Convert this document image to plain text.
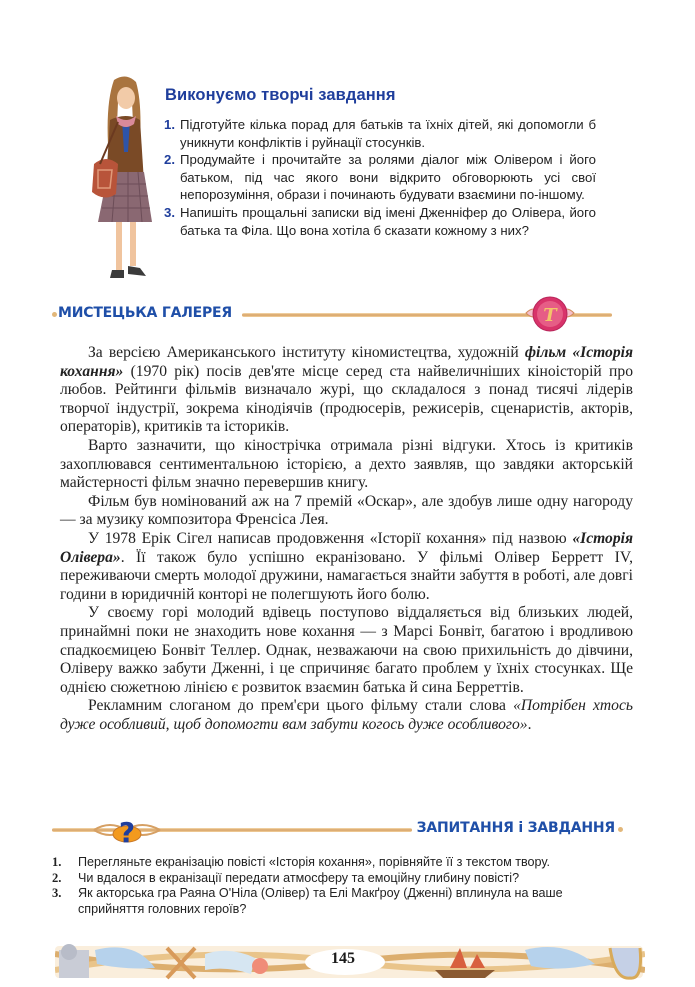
Виконуємо творчі завдання
1. Підготуйте кілька порад для батьків та їхніх дітей, які допомогли б уникнути конфліктів і руйнації стосунків.

2. Продумайте і прочитайте за ролями діалог між Олівером і його батьком, під час якого вони відкрито обговорюють усі свої непорозуміння, образи і починають будувати взаємини по-іншому.

3. Напишіть прощальні записки від імені Дженніфер до Олівера, його батька та Філа. Що вона хотіла б сказати кожному з них?

МИСТЕЦЬКА ГАЛЕРЕЯ	T

За версією Американського інституту кіномистецтва, художній фільм «Історія кохання» (1970 рік) посів дев'яте місце серед ста найвеличніших кіноісторій про любов. Рейтинги фільмів визначало журі, що складалося з понад тисячі лідерів творчої індустрії, зокрема кінодіячів (продюсерів, режисерів, сценаристів, акторів, операторів), критиків та істориків.

Варто зазначити, що кінострічка отримала різні відгуки. Хтось із критиків захоплювався сентиментальною історією, а дехто заявляв, що завдяки акторській майстерності фільм значно перевершив книгу.

Фільм був номінований аж на 7 премій «Оскар», але здобув лише одну нагороду — за музику композитора Френсіса Лея.

У 1978 Ерік Сігел написав продовження «Історії кохання» під назвою «Історія Олівера». Її також було успішно екранізовано. У фільмі Олівер Берретт IV, переживаючи смерть молодої дружини, намагається знайти забуття в роботі, але довгі години в юридичній конторі не полегшують його болю.

У своєму горі молодий вдівець поступово віддаляється від близьких людей, принаймні поки не знаходить нове кохання — з Марсі Бонвіт, багатою і вродливою спадкоємицею Бонвіт Теллер. Однак, незважаючи на свою прихильність до дівчини, Оліверу важко забути Дженні, і це спричиняє багато проблем у їхніх стосунках. Ще однією сюжетною лінією є розвиток взаємин батька й сина Берреттів.

Рекламним слоганом до прем'єри цього фільму стали слова «Потрібен хтось дуже особливий, щоб допомогти вам забути когось дуже особливого».

?	ЗАПИТАННЯ і ЗАВДАННЯ
1. Перегляньте екранізацію повісті «Історія кохання», порівняйте її з текстом твору.
2. Чи вдалося в екранізації передати атмосферу та емоційну глибину повісті?
3. Як акторська гра Раяна О'Ніла (Олівер) та Елі Макґроу (Дженні) вплинула на ваше сприйняття головних героїв?
145
